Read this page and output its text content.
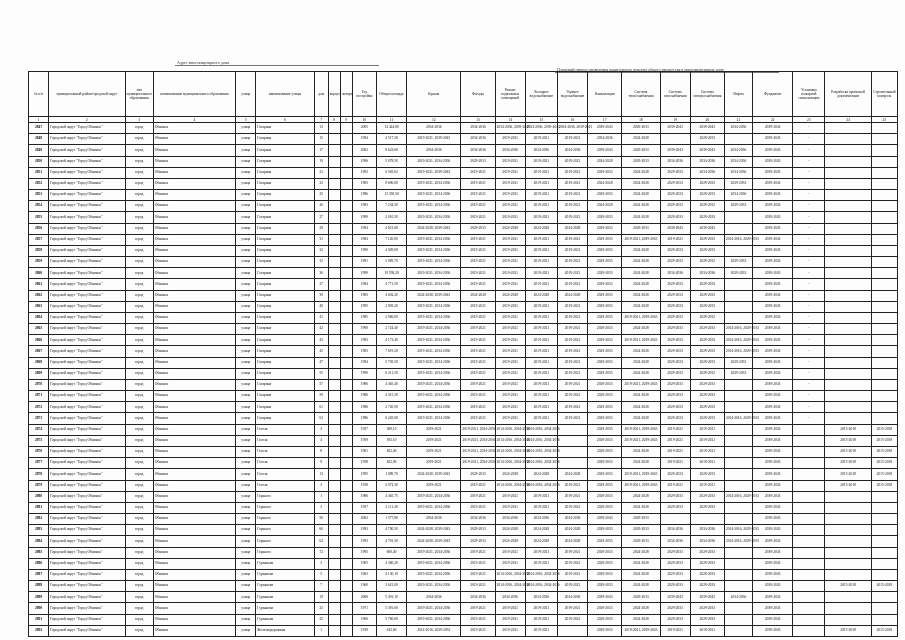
Адрес многоквартирного дома
Плановый период проведения капитального ремонта общего имущества в многоквартирном доме
№ п/п	муниципальный район/городской округ	тип муниципального образования	наименование муниципального образования	улица	наименование улицы	дом	корпус	литера	Год постройки	Общая площадь	Крыша	Фасады	Ремонт подвальных помещений	Холодное водоснабжение	Горячее водоснабжение	Канализация	Система теплоснабжения	Система газоснабжения	Система электроснабжения	Лифты	Фундамент	Установка пожарной сигнализации	Разработка проектной документации	Строительный контроль
1	2	3	4	5	6	7	8	9	10	11	12	13	14	15	16	17	18	19	20	21	22	23	24	25
2847	Городской округ "Город Обнинск"	город	Обнинск	улица	Гагарина	13			2005	14 424,80	2034-2036	2034-2036	2034-2036, 2039-2043	2034-2036, 2039-2043	2034-2036, 2039-2043	2039-2043	2029-2033	2039-2043	2039-2043	2034-2036	2039-2043	-		
2848	Городской округ "Город Обнинск"	город	Обнинск	улица	Гагарина	15			1994	4 517,30	2019-2021, 2039-2043	2034-2036	2019-2021	2019-2021	2019-2021	2034-2036	2024-2028		2029-2033		2039-2043	-		
2849	Городской округ "Город Обнинск"	город	Обнинск	улица	Гагарина	17			2002	8 623,60	2034-2036	2034-2036	2034-2036	2034-2036	2034-2036	2039-2043	2029-2033	2039-2043	2039-2043	2034-2036	2039-2043	-		
2850	Городской округ "Город Обнинск"	город	Обнинск	улица	Гагарина	19			1996	5 078,50	2019-2021, 2034-2036	2029-2033	2019-2021	2019-2021	2019-2021	2024-2028	2029-2033	2034-2036	2034-2036	2034-2036	2039-2043	-		
2851	Городской округ "Город Обнинск"	город	Обнинск	улица	Гагарина	21			1992	6 565,02	2019-2021, 2039-2043	2019-2021	2019-2021	2019-2021	2019-2021	2029-2033	2024-2028	2029-2033	2034-2036	2034-2036	2039-2043	-		
2852	Городской округ "Город Обнинск"	город	Обнинск	улица	Гагарина	23			1983	9 696,00	2019-2021, 2034-2036	2019-2021	2019-2021	2019-2021	2019-2021	2024-2028	2024-2028	2029-2033	2029-2033	2029-2033	2039-2043	-		
2853	Городской округ "Город Обнинск"	город	Обнинск	улица	Гагарина	25			1986	13 350,50	2019-2021, 2034-2036	2019-2021	2019-2021	2019-2021	2019-2021	2029-2033	2024-2028	2029-2033	2029-2033	2034-2036	2039-2043	-		
2854	Городской округ "Город Обнинск"	город	Обнинск	улица	Гагарина	26			1983	7 234,50	2019-2021, 2034-2036	2019-2021	2019-2021	2019-2021	2019-2021	2024-2028	2024-2028	2029-2033	2029-2033	2029-2033	2039-2043	-		
2855	Городской округ "Город Обнинск"	город	Обнинск	улица	Гагарина	27			1990	2 010,50	2019-2021, 2034-2036	2019-2021	2019-2021	2019-2021	2019-2021	2029-2033	2024-2028	2029-2033	2029-2033		2039-2043	-		
2856	Городской округ "Город Обнинск"	город	Обнинск	улица	Гагарина	29			1994	4 821,00	2024-2028, 2039-2043	2029-2033	2024-2028	2024-2028	2024-2028	2029-2033	2029-2033	2039-2043	2039-2043		2039-2043	-		
2857	Городской округ "Город Обнинск"	город	Обнинск	улица	Гагарина	31			1984	7 120,00	2019-2021, 2034-2036	2019-2021	2019-2021	2019-2021	2019-2021	2029-2033	2019-2021, 2039-2043	2019-2021	2029-2033	2014-2016, 2029-2033	2039-2043	-		
2858	Городской округ "Город Обнинск"	город	Обнинск	улица	Гагарина	32			1990	4 049,00	2019-2021, 2034-2036	2019-2021	2019-2021	2019-2021	2019-2021	2029-2033	2024-2028	2029-2033	2029-2033		2039-2043	-		
2859	Городской округ "Город Обнинск"	город	Обнинск	улица	Гагарина	33			1991	3 085,70	2019-2021, 2034-2036	2019-2021	2019-2021	2019-2021	2019-2021	2029-2033	2024-2028	2029-2033	2029-2033	2029-2033	2039-2043	-		
2860	Городской округ "Город Обнинск"	город	Обнинск	улица	Гагарина	36			1990	19 558,20	2019-2021, 2034-2036	2019-2021	2019-2021	2019-2021	2019-2021	2029-2033	2024-2028	2034-2036	2034-2036	2029-2033	2039-2043	-		
2861	Городской округ "Город Обнинск"	город	Обнинск	улица	Гагарина	37			1984	4 771,50	2019-2021, 2034-2036	2019-2021	2019-2021	2019-2021	2019-2021	2029-2033	2024-2028	2029-2033	2029-2033		2039-2043	-		
2862	Городской округ "Город Обнинск"	город	Обнинск	улица	Гагарина	39			1983	4 602,20	2024-2028, 2039-2043	2024-2028	2024-2028	2024-2028	2024-2028	2029-2033	2024-2028	2029-2033	2029-2033		2039-2043	-		
2863	Городской округ "Город Обнинск"	город	Обнинск	улица	Гагарина	40			1995	2 903,20	2019-2021, 2034-2036	2019-2021	2019-2021	2019-2021	2019-2021	2029-2033	2024-2028	2029-2033	2029-2033		2039-2043	-		
2864	Городской округ "Город Обнинск"	город	Обнинск	улица	Гагарина	41			1985	2 966,00	2019-2021, 2034-2036	2019-2021	2019-2021	2019-2021	2019-2021	2029-2033	2019-2021, 2039-2043	2029-2033	2029-2033		2039-2043	-		
2865	Городской округ "Город Обнинск"	город	Обнинск	улица	Гагарина	42			1990	2 724,40	2019-2021, 2034-2036	2019-2021	2019-2021	2019-2021	2019-2021	2029-2033	2024-2028	2029-2033	2029-2033	2014-2016, 2029-2033	2039-2043	-		
2866	Городской округ "Город Обнинск"	город	Обнинск	улица	Гагарина	43			1983	4 173,40	2019-2021, 2034-2036	2019-2021	2019-2021	2019-2021	2019-2021	2029-2033	2019-2021, 2039-2043	2029-2033	2029-2033	2014-2016, 2029-2033	2039-2043	-		
2867	Городской округ "Город Обнинск"	город	Обнинск	улица	Гагарина	45			1983	7 619,20	2019-2021, 2034-2036	2019-2021	2019-2021	2019-2021	2019-2021	2029-2033	2024-2028	2029-2033	2029-2033	2014-2016, 2029-2033	2039-2043	-		
2868	Городской округ "Город Обнинск"	город	Обнинск	улица	Гагарина	47			1994	5 705,50	2019-2021, 2034-2036	2019-2021	2019-2021	2019-2021	2019-2021	2029-2033	2024-2028	2029-2033	2029-2033	2029-2033	2039-2043	-		
2869	Городской округ "Город Обнинск"	город	Обнинск	улица	Гагарина	55			1990	6 211,50	2019-2021, 2034-2036	2019-2021	2019-2021	2019-2021	2019-2021	2029-2033	2024-2028	2029-2033	2029-2033	2029-2033	2039-2043	-		
2870	Городской округ "Город Обнинск"	город	Обнинск	улица	Гагарина	57			1986	4 465,40	2019-2021, 2034-2036	2019-2021	2019-2021	2019-2021	2019-2021	2029-2033	2019-2021, 2039-2043	2029-2033	2029-2033		2039-2043	-		
2871	Городской округ "Город Обнинск"	город	Обнинск	улица	Гагарина	59			1986	4 415,30	2019-2021, 2034-2036	2019-2021	2019-2021	2019-2021	2019-2021	2029-2033	2024-2028	2029-2033	2029-2033		2039-2043	-		
2872	Городской округ "Город Обнинск"	город	Обнинск	улица	Гагарина	61			1986	2 720,50	2019-2021, 2034-2036	2019-2021	2019-2021	2019-2021	2019-2021	2029-2033	2024-2028	2029-2033	2029-2033		2039-2043	-		
2873	Городской округ "Город Обнинск"	город	Обнинск	улица	Гагарина	63			1986	6 245,00	2019-2021, 2034-2036	2019-2021	2019-2021	2019-2021	2019-2021	2029-2033	2024-2028	2029-2033	2029-2033	2014-2016, 2029-2033	2039-2043	-		
2874	Городской округ "Город Обнинск"	город	Обнинск	улица	Гоголя	3			1957	389,10	2019-2021	2019-2021, 2034-2036	2014-2016, 2034-2036	2014-2016, 2034-2036		2029-2033	2019-2021, 2039-2043	2019-2021	2019-2021		2039-2043		2015-2018	2015-2018
2875	Городской округ "Город Обнинск"	город	Обнинск	улица	Гоголя	4			1959	393,10	2019-2021	2019-2021, 2034-2036	2014-2016, 2034-2036	2014-2016, 2034-2036		2029-2033	2019-2021, 2039-2043	2019-2021	2019-2021		2039-2043		2015-2018	2015-2018
2876	Городской округ "Город Обнинск"	город	Обнинск	улица	Гоголя	8			1961	402,40	2019-2021	2019-2021, 2034-2036	2014-2016, 2034-2036	2014-2016, 2034-2036		2029-2033	2024-2028	2019-2021	2019-2021		2039-2043		2015-2018	2015-2018
2877	Городской округ "Город Обнинск"	город	Обнинск	улица	Гоголя	9			1958	402,00	2019-2021	2019-2021, 2034-2036	2014-2016, 2034-2036	2014-2016, 2034-2036		2029-2033	2024-2028	2019-2021	2019-2021		2039-2043		2015-2018	2015-2018
2878	Городской округ "Город Обнинск"	город	Обнинск	улица	Гоголя	13			1995	1 089,70	2024-2028, 2039-2043	2029-2033	2024-2028	2024-2028	2024-2028	2029-2033	2019-2021, 2039-2043	2029-2033	2029-2033		2039-2043		2015-2018	2015-2018
2879	Городской округ "Город Обнинск"	город	Обнинск	улица	Гоголя	3			1958	2 072,30	2019-2021	2019-2021	2014-2016, 2034-2036	2014-2016, 2034-2036	2019-2021	2029-2033	2019-2021, 2039-2043	2019-2021	2019-2021		2039-2043		2015-2018	2015-2018
2880	Городской округ "Город Обнинск"	город	Обнинск	улица	Горького	1			1986	4 465,75	2019-2021, 2034-2036	2019-2021	2019-2021	2019-2021	2019-2021	2029-2033	2024-2028	2029-2033	2029-2033	2014-2016, 2029-2033	2039-2043			
2881	Городской округ "Город Обнинск"	город	Обнинск	улица	Горького	3			1957	2 111,40	2019-2021, 2034-2036	2019-2021	2019-2021	2019-2021	2019-2021	2029-2033	2024-2028	2029-2033	2029-2033		2039-2043			
2882	Городской округ "Город Обнинск"	город	Обнинск	улица	Горького	56			2002	1 577,80	2034-2036	2034-2036	2034-2036	2034-2036	2034-2036	2039-2043	2029-2033				2039-2043			
2883	Городской округ "Город Обнинск"	город	Обнинск	улица	Горького	60			1993	4 700,50	2024-2028, 2039-2043	2029-2033	2024-2028	2024-2028	2024-2028	2029-2033	2029-2033	2034-2036	2034-2036	2014-2016, 2029-2033	2039-2043			
2884	Городской округ "Город Обнинск"	город	Обнинск	улица	Горького	62			1993	4 701,30	2024-2028, 2039-2043	2029-2033	2024-2028	2024-2028	2024-2028	2029-2033	2029-2033	2034-2036	2034-2036	2014-2016, 2029-2033	2039-2043			
2885	Городской округ "Город Обнинск"	город	Обнинск	улица	Горького	72			1995	600,40	2019-2021, 2034-2036	2019-2021	2019-2021	2019-2021	2019-2021	2029-2033	2024-2028	2029-2033	2029-2033		2039-2043			
2886	Городской округ "Город Обнинск"	город	Обнинск	улица	Гурьянова	3			1965	4 360,20	2019-2021, 2034-2036	2019-2021	2019-2021	2019-2021	2019-2021	2029-2033	2024-2028	2029-2033	2029-2033		2039-2043			
2887	Городской округ "Город Обнинск"	город	Обнинск	улица	Гурьянова	5			1963	4 130,10	2019-2021, 2034-2036	2019-2021	2014-2016, 2034-2036	2014-2016, 2034-2036	2019-2021	2029-2033	2024-2028	2029-2033	2029-2033		2039-2043			
2888	Городской округ "Город Обнинск"	город	Обнинск	улица	Гурьянова	7			1960	3 621,00	2019-2021, 2034-2036	2019-2021	2014-2016, 2034-2036	2014-2016, 2034-2036	2019-2021	2029-2033	2024-2028	2029-2033	2029-2033		2039-2043		2015-2018	2015-2018
2889	Городской округ "Город Обнинск"	город	Обнинск	улица	Гурьянова	19			2006	5 491,10	2034-2036	2034-2036	2034-2036	2034-2036	2034-2036	2039-2043	2029-2033	2039-2043	2039-2043	2034-2036	2039-2043			
2890	Городской округ "Город Обнинск"	город	Обнинск	улица	Гурьянова	23			1971	5 491,60	2019-2021, 2034-2036	2019-2021	2019-2021	2019-2021	2019-2021	2029-2033	2024-2028	2029-2033	2029-2033		2039-2043			
2891	Городской округ "Город Обнинск"	город	Обнинск	улица	Гурьянова	25			1966	5 760,60	2019-2021, 2034-2036	2019-2021	2019-2021	2019-2021	2019-2021	2029-2033	2024-2028	2029-2033	2029-2033		2039-2043			
2892	Городской округ "Город Обнинск"	город	Обнинск	улица	Железнодорожная	1			1939	643,60	2014-2016, 2029-2033	2019-2021	2019-2021	2019-2021		2029-2033	2019-2021, 2039-2043	2019-2021	2019-2021		2039-2043		2015-2018	2015-2018
